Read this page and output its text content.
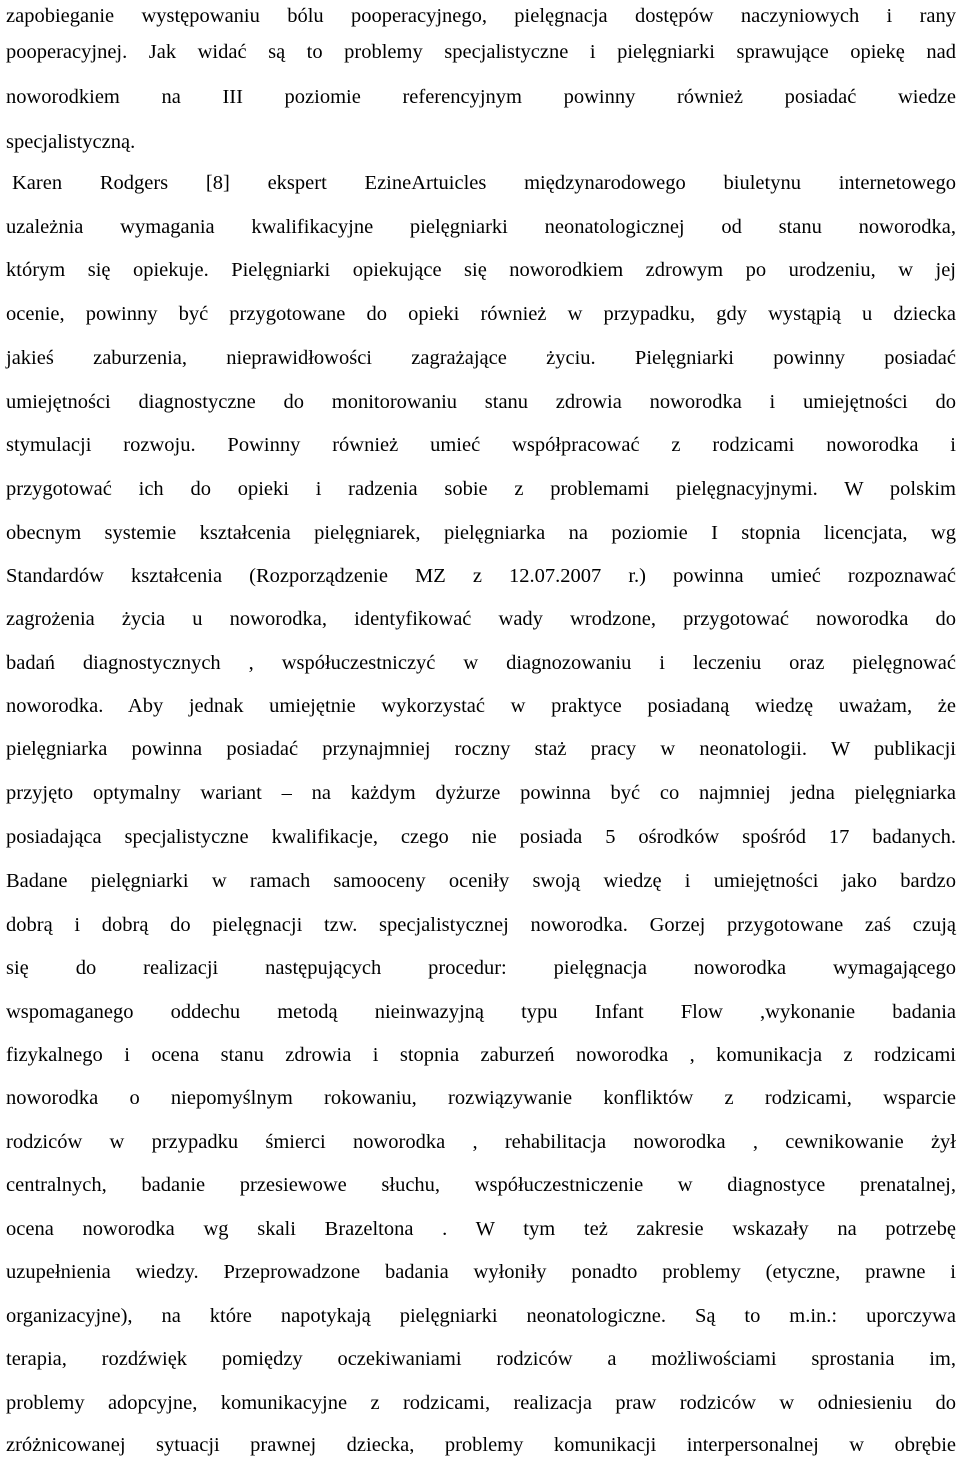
zapobieganie występowaniu bólu pooperacyjnego, pielęgnacja dostępów naczyniowych i rany
pooperacyjnej. Jak widać są to problemy specjalistyczne i pielęgniarki sprawujące opiekę nad
noworodkiem na III poziomie referencyjnym powinny również posiadać wiedze
specjalistyczną.
Karen Rodgers [8] ekspert EzineArtuicles międzynarodowego biuletynu internetowego
uzależnia wymagania kwalifikacyjne pielęgniarki neonatologicznej od stanu noworodka,
którym się opiekuje. Pielęgniarki opiekujące się noworodkiem zdrowym po urodzeniu, w jej
ocenie, powinny być przygotowane do opieki również w przypadku, gdy wystąpią u dziecka
jakieś zaburzenia, nieprawidłowości zagrażające życiu. Pielęgniarki powinny posiadać
umiejętności diagnostyczne do monitorowaniu stanu zdrowia noworodka i umiejętności do
stymulacji rozwoju. Powinny również umieć współpracować z rodzicami noworodka i
przygotować ich do opieki i radzenia sobie z problemami pielęgnacyjnymi. W polskim
obecnym systemie kształcenia pielęgniarek, pielęgniarka na poziomie I stopnia licencjata, wg
Standardów kształcenia (Rozporządzenie MZ z 12.07.2007 r.) powinna umieć rozpoznawać
zagrożenia życia u noworodka, identyfikować wady wrodzone, przygotować noworodka do
badań diagnostycznych , współuczestniczyć w diagnozowaniu i leczeniu oraz pielęgnować
noworodka. Aby jednak umiejętnie wykorzystać w praktyce posiadaną wiedzę uważam, że
pielęgniarka powinna posiadać przynajmniej roczny staż pracy w neonatologii. W publikacji
przyjęto optymalny wariant – na każdym dyżurze powinna być co najmniej jedna pielęgniarka
posiadająca specjalistyczne kwalifikacje, czego nie posiada 5 ośrodków spośród 17 badanych.
Badane pielęgniarki w ramach samooceny oceniły swoją wiedzę i umiejętności jako bardzo
dobrą i dobrą do pielęgnacji tzw. specjalistycznej noworodka. Gorzej przygotowane zaś czują
się do realizacji następujących procedur: pielęgnacja noworodka wymagającego
wspomaganego oddechu metodą nieinwazyjną typu Infant Flow ,wykonanie badania
fizykalnego i ocena stanu zdrowia i stopnia zaburzeń noworodka , komunikacja z rodzicami
noworodka o niepomyślnym rokowaniu, rozwiązywanie konfliktów z rodzicami, wsparcie
rodziców w przypadku śmierci noworodka , rehabilitacja noworodka , cewnikowanie żył
centralnych, badanie przesiewowe słuchu, współuczestniczenie w diagnostyce prenatalnej,
ocena noworodka wg skali Brazeltona . W tym też zakresie wskazały na potrzebę
uzupełnienia wiedzy. Przeprowadzone badania wyłoniły ponadto problemy (etyczne, prawne i
organizacyjne), na które napotykają pielęgniarki neonatologiczne. Są to m.in.: uporczywa
terapia, rozdźwięk pomiędzy oczekiwaniami rodziców a możliwościami sprostania im,
problemy adopcyjne, komunikacyjne z rodzicami, realizacja praw rodziców w odniesieniu do
zróżnicowanej sytuacji prawnej dziecka, problemy komunikacji interpersonalnej w obrębie
